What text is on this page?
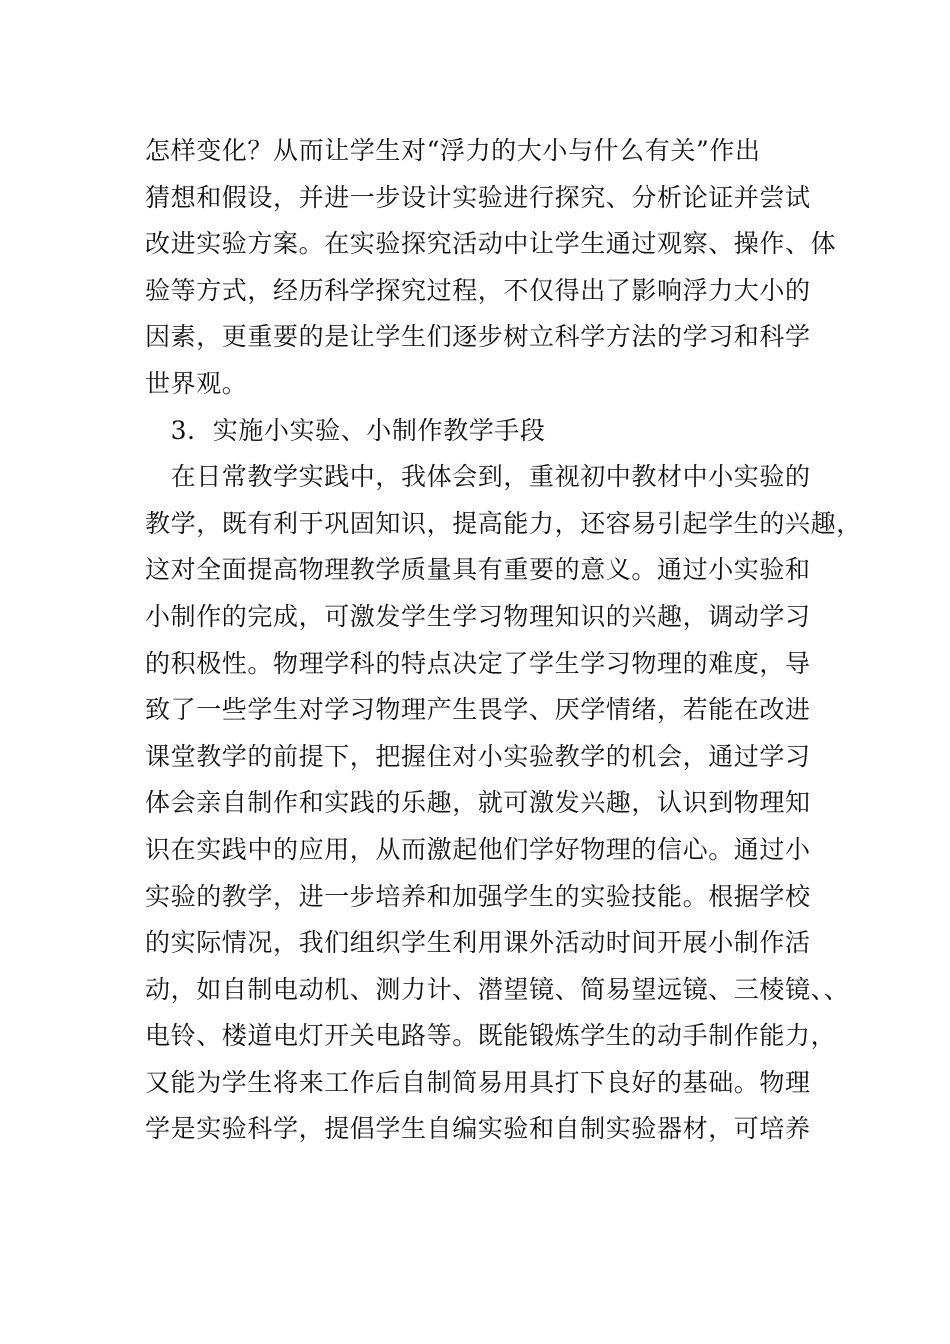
怎样变化？从而让学生对“浮力的大小与什么有关”作出
猜想和假设，并进一步设计实验进行探究、分析论证并尝试
改进实验方案。在实验探究活动中让学生通过观察、操作、体
验等方式，经历科学探究过程，不仅得出了影响浮力大小的
因素，更重要的是让学生们逐步树立科学方法的学习和科学
世界观。
　3．实施小实验、小制作教学手段
　在日常教学实践中，我体会到，重视初中教材中小实验的
教学，既有利于巩固知识，提高能力，还容易引起学生的兴趣，
这对全面提高物理教学质量具有重要的意义。通过小实验和
小制作的完成，可激发学生学习物理知识的兴趣，调动学习
的积极性。物理学科的特点决定了学生学习物理的难度，导
致了一些学生对学习物理产生畏学、厌学情绪，若能在改进
课堂教学的前提下，把握住对小实验教学的机会，通过学习
体会亲自制作和实践的乐趣，就可激发兴趣，认识到物理知
识在实践中的应用，从而激起他们学好物理的信心。通过小
实验的教学，进一步培养和加强学生的实验技能。根据学校
的实际情况，我们组织学生利用课外活动时间开展小制作活
动，如自制电动机、测力计、潜望镜、简易望远镜、三棱镜、、
电铃、楼道电灯开关电路等。既能锻炼学生的动手制作能力，
又能为学生将来工作后自制简易用具打下良好的基础。物理
学是实验科学，提倡学生自编实验和自制实验器材，可培养
